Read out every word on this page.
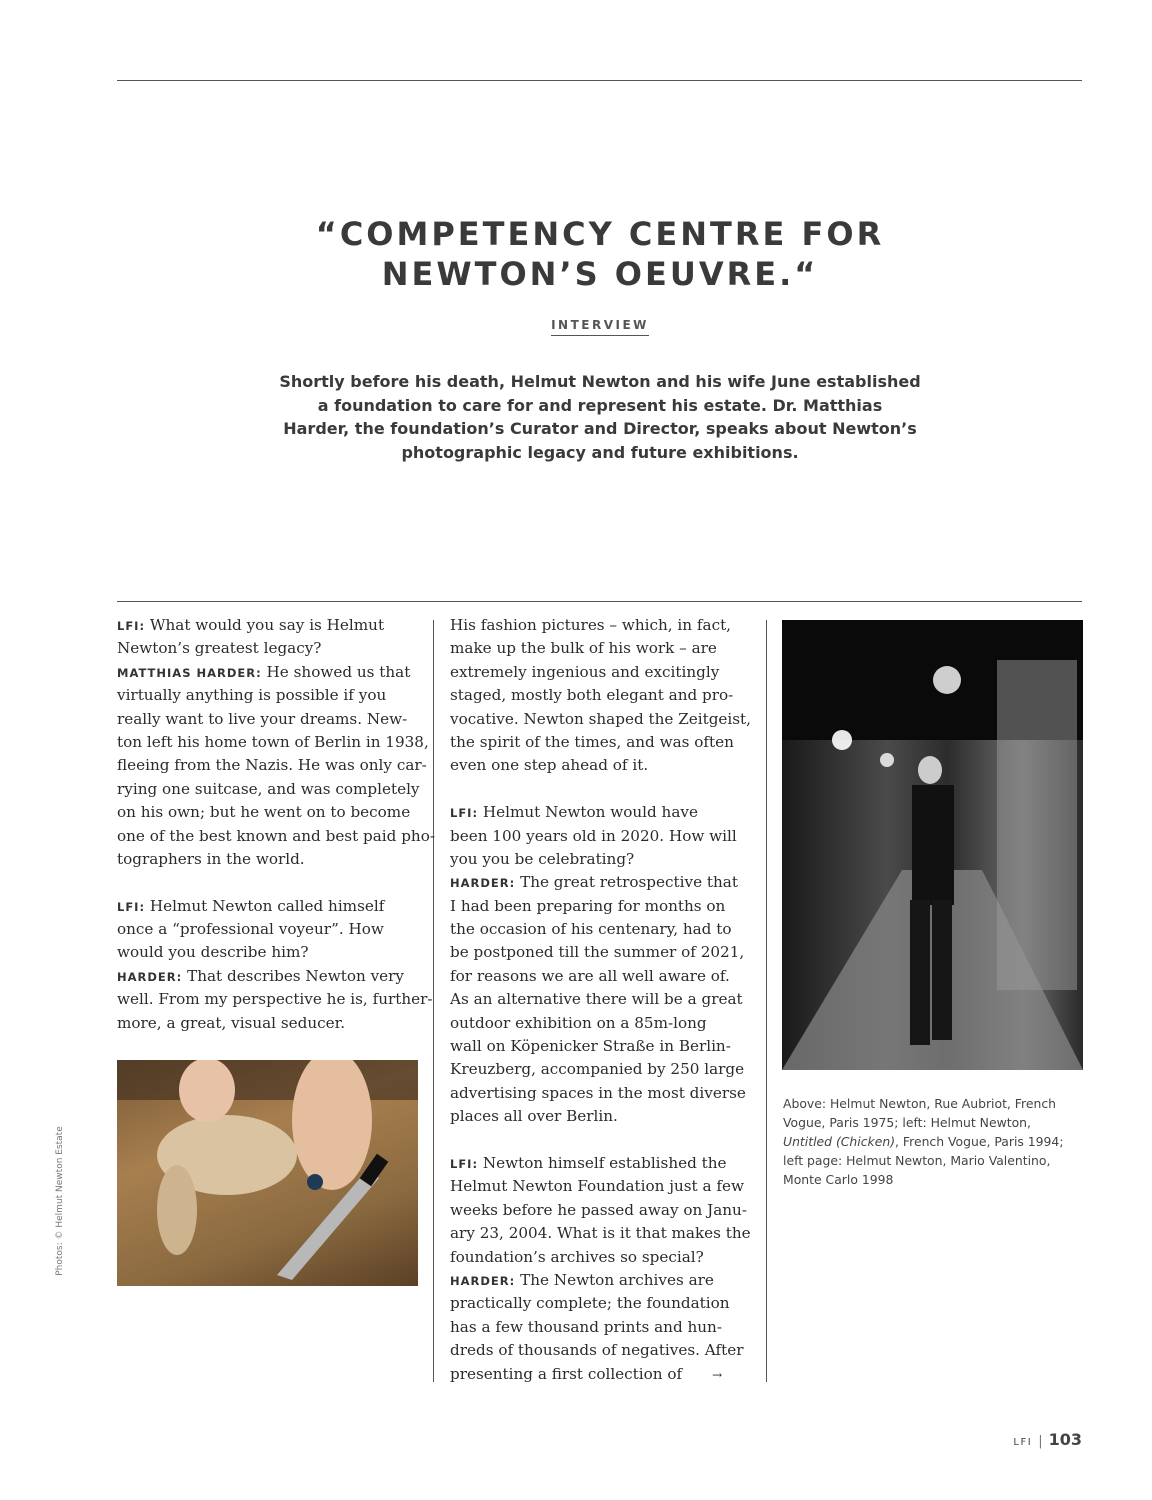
“COMPETENCY CENTRE FOR
NEWTON’S OEUVRE.“
INTERVIEW
Shortly before his death, Helmut Newton and his wife June established
a foundation to care for and represent his estate. Dr. Matthias
Harder, the foundation’s Curator and Director, speaks about Newton’s
photographic legacy and future exhibitions.
LFI: What would you say is Helmut
Newton’s greatest legacy?
MATTHIAS HARDER: He showed us that
virtually anything is possible if you
really want to live your dreams. New-
ton left his home town of Berlin in 1938,
fleeing from the Nazis. He was only car-
rying one suitcase, and was completely
on his own; but he went on to become
one of the best known and best paid pho-
tographers in the world.
LFI: Helmut Newton called himself
once a “professional voyeur”. How
would you describe him?
HARDER: That describes Newton very
well. From my perspective he is, further-
more, a great, visual seducer.
His fashion pictures – which, in fact,
make up the bulk of his work – are
extremely ingenious and excitingly
staged, mostly both elegant and pro-
vocative. Newton shaped the Zeitgeist,
the spirit of the times, and was often
even one step ahead of it.
LFI: Helmut Newton would have
been 100 years old in 2020. How will
you you be celebrating?
HARDER: The great retrospective that
I had been preparing for months on
the occasion of his centenary, had to
be postponed till the summer of 2021,
for reasons we are all well aware of.
As an alternative there will be a great
outdoor exhibition on a 85m-long
wall on Köpenicker Straße in Berlin-
Kreuzberg, accompanied by 250 large
advertising spaces in the most diverse
places all over Berlin.
LFI: Newton himself established the
Helmut Newton Foundation just a few
weeks before he passed away on Janu-
ary 23, 2004. What is it that makes the
foundation’s archives so special?
HARDER: The Newton archives are
practically complete; the foundation
has a few thousand prints and hun-
dreds of thousands of negatives. After
presenting a first collection of	→
Above: Helmut Newton, Rue Aubriot, French
Vogue, Paris 1975; left: Helmut Newton,
Untitled (Chicken), French Vogue, Paris 1994;
left page: Helmut Newton, Mario Valentino,
Monte Carlo 1998
Photos: © Helmut Newton Estate
LFI | 103
